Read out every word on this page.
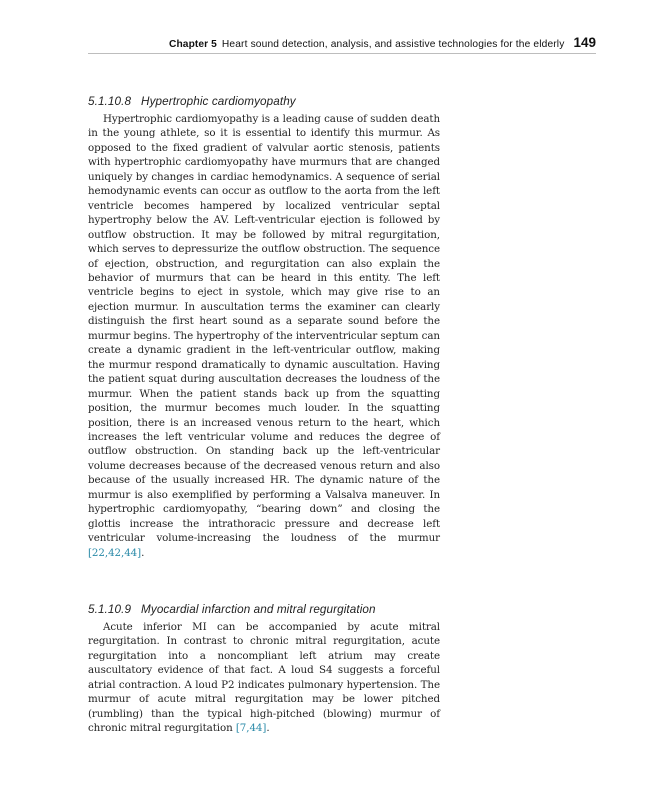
Chapter 5 Heart sound detection, analysis, and assistive technologies for the elderly 149
5.1.10.8 Hypertrophic cardiomyopathy

Hypertrophic cardiomyopathy is a leading cause of sudden death in the young athlete, so it is essential to identify this murmur. As opposed to the fixed gradient of valvular aortic stenosis, patients with hypertrophic cardiomyopathy have murmurs that are changed uniquely by changes in cardiac hemodynamics. A sequence of serial hemodynamic events can occur as outflow to the aorta from the left ventricle becomes hampered by localized ventricular septal hypertrophy below the AV. Left-ventricular ejection is followed by outflow obstruction. It may be followed by mitral regurgitation, which serves to depressurize the outflow obstruction. The sequence of ejection, obstruction, and regurgitation can also explain the behavior of murmurs that can be heard in this entity. The left ventricle begins to eject in systole, which may give rise to an ejection murmur. In auscultation terms the examiner can clearly distinguish the first heart sound as a separate sound before the murmur begins. The hypertrophy of the interventricular septum can create a dynamic gradient in the left-ventricular outflow, making the murmur respond dramatically to dynamic auscultation. Having the patient squat during auscultation decreases the loudness of the murmur. When the patient stands back up from the squatting position, the murmur becomes much louder. In the squatting position, there is an increased venous return to the heart, which increases the left ventricular volume and reduces the degree of outflow obstruction. On standing back up the left-ventricular volume decreases because of the decreased venous return and also because of the usually increased HR. The dynamic nature of the murmur is also exemplified by performing a Valsalva maneuver. In hypertrophic cardiomyopathy, “bearing down” and closing the glottis increase the intrathoracic pressure and decrease left ventricular volume-increasing the loudness of the murmur [22,42,44].

5.1.10.9 Myocardial infarction and mitral regurgitation

Acute inferior MI can be accompanied by acute mitral regurgitation. In contrast to chronic mitral regurgitation, acute regurgitation into a noncompliant left atrium may create auscultatory evidence of that fact. A loud S4 suggests a forceful atrial contraction. A loud P2 indicates pulmonary hypertension. The murmur of acute mitral regurgitation may be lower pitched (rumbling) than the typical high-pitched (blowing) murmur of chronic mitral regurgitation [7,44].
